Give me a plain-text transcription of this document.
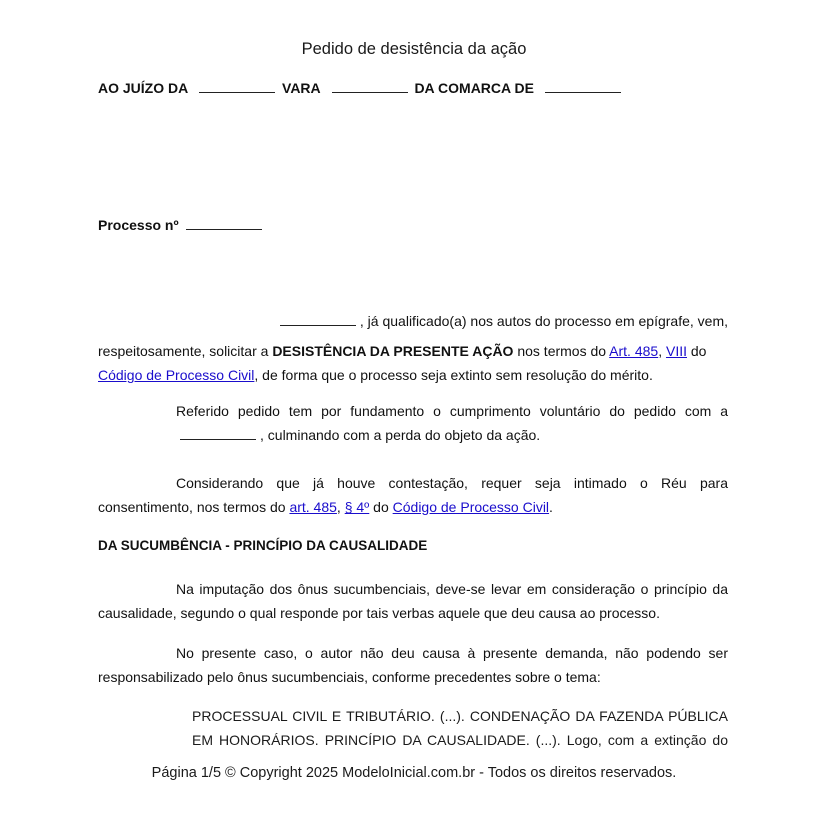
Pedido de desistência da ação
AO JUÍZO DA	VARA	DA COMARCA DE
Processo nº
, já qualificado(a) nos autos do processo em epígrafe, vem,
respeitosamente, solicitar a DESISTÊNCIA DA PRESENTE AÇÃO nos termos do Art. 485, VIII do
Código de Processo Civil, de forma que o processo seja extinto sem resolução do mérito.
Referido pedido tem por fundamento o cumprimento voluntário do pedido com a
, culminando com a perda do objeto da ação.
Considerando que já houve contestação, requer seja intimado o Réu para consentimento, nos termos do art. 485, § 4º do Código de Processo Civil.
DA SUCUMBÊNCIA - PRINCÍPIO DA CAUSALIDADE
Na imputação dos ônus sucumbenciais, deve-se levar em consideração o princípio da causalidade, segundo o qual responde por tais verbas aquele que deu causa ao processo.
No presente caso, o autor não deu causa à presente demanda, não podendo ser responsabilizado pelo ônus sucumbenciais, conforme precedentes sobre o tema:
PROCESSUAL CIVIL E TRIBUTÁRIO. (...). CONDENAÇÃO DA FAZENDA PÚBLICA
EM HONORÁRIOS. PRINCÍPIO DA CAUSALIDADE. (...). Logo, com a extinção do
Página 1/5 © Copyright 2025 ModeloInicial.com.br - Todos os direitos reservados.
